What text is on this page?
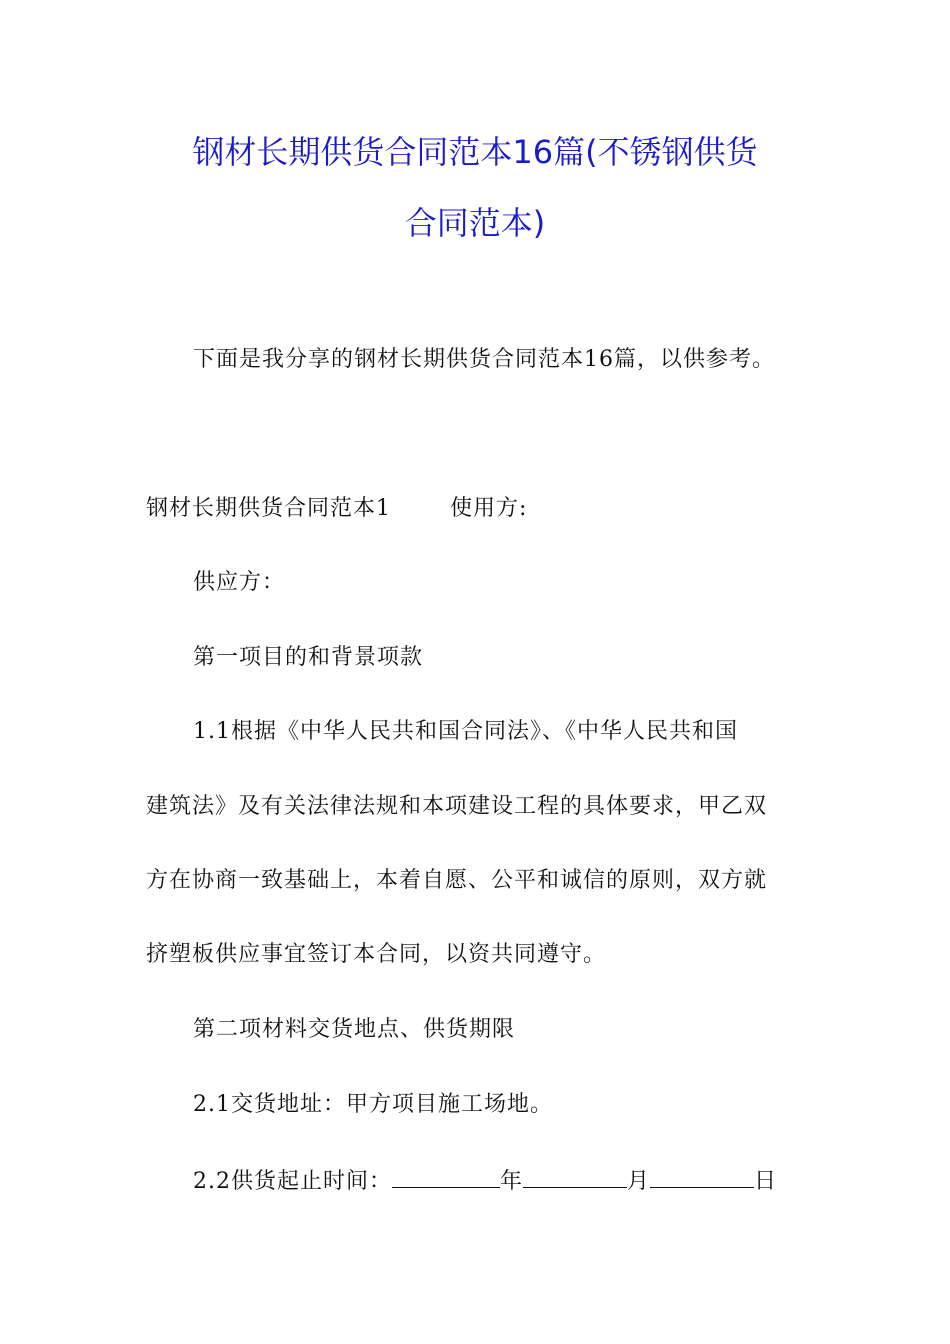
钢材长期供货合同范本16篇(不锈钢供货
合同范本)
下面是我分享的钢材长期供货合同范本16篇，以供参考。
钢材长期供货合同范本1	使用方:
供应方：
第一项目的和背景项款
1.1根据《中华人民共和国合同法》、《中华人民共和国
建筑法》及有关法律法规和本项建设工程的具体要求，甲乙双
方在协商一致基础上，本着自愿、公平和诚信的原则，双方就
挤塑板供应事宜签订本合同，以资共同遵守。
第二项材料交货地点、供货期限
2.1交货地址：甲方项目施工场地。
2.2供货起止时间：	年	月	日
